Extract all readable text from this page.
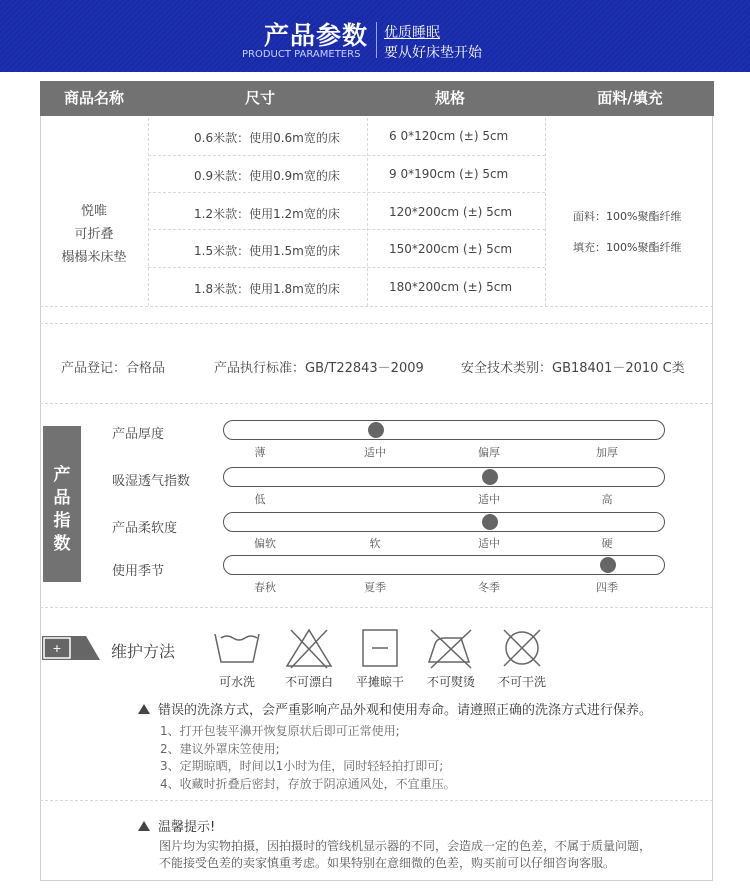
产品参数
PRODUCT PARAMETERS
优质睡眠
要从好床垫开始
商品名称	尺寸	规格	面料/填充
悦唯
可折叠
榻榻米床垫
0.6米款：使用0.6m宽的床	6 0*120cm (±) 5cm
0.9米款：使用0.9m宽的床	9 0*190cm (±) 5cm
1.2米款：使用1.2m宽的床	120*200cm (±) 5cm
1.5米款：使用1.5m宽的床	150*200cm (±) 5cm
1.8米款：使用1.8m宽的床	180*200cm (±) 5cm
面料：100%聚酯纤维
填充：100%聚酯纤维
产品登记：合格品	产品执行标准：GB/T22843－2009	安全技术类别：GB18401－2010 C类
产
品
指
数
产品厚度
薄	适中	偏厚	加厚
吸湿透气指数
低	适中	高
产品柔软度
偏软	软	适中	硬
使用季节
春秋	夏季	冬季	四季
+	维护方法
可水洗 不可漂白 平摊晾干 不可熨烫 不可干洗
错误的洗涤方式，会严重影响产品外观和使用寿命。请遵照正确的洗涤方式进行保养。
1、打开包装平濞开恢复原状后即可正常使用;
2、建议外罩床笠使用;
3、定期晾晒，时间以1小时为佳，同时轻轻拍打即可;
4、收藏时折叠后密封，存放于阴凉通风处，不宜重压。
温馨提示!
图片均为实物拍摄，因拍摄时的管线机显示器的不同，会造成一定的色差，不属于质量问题，
不能接受色差的卖家慎重考虑。如果特别在意细微的色差，购买前可以仔细咨询客服。
